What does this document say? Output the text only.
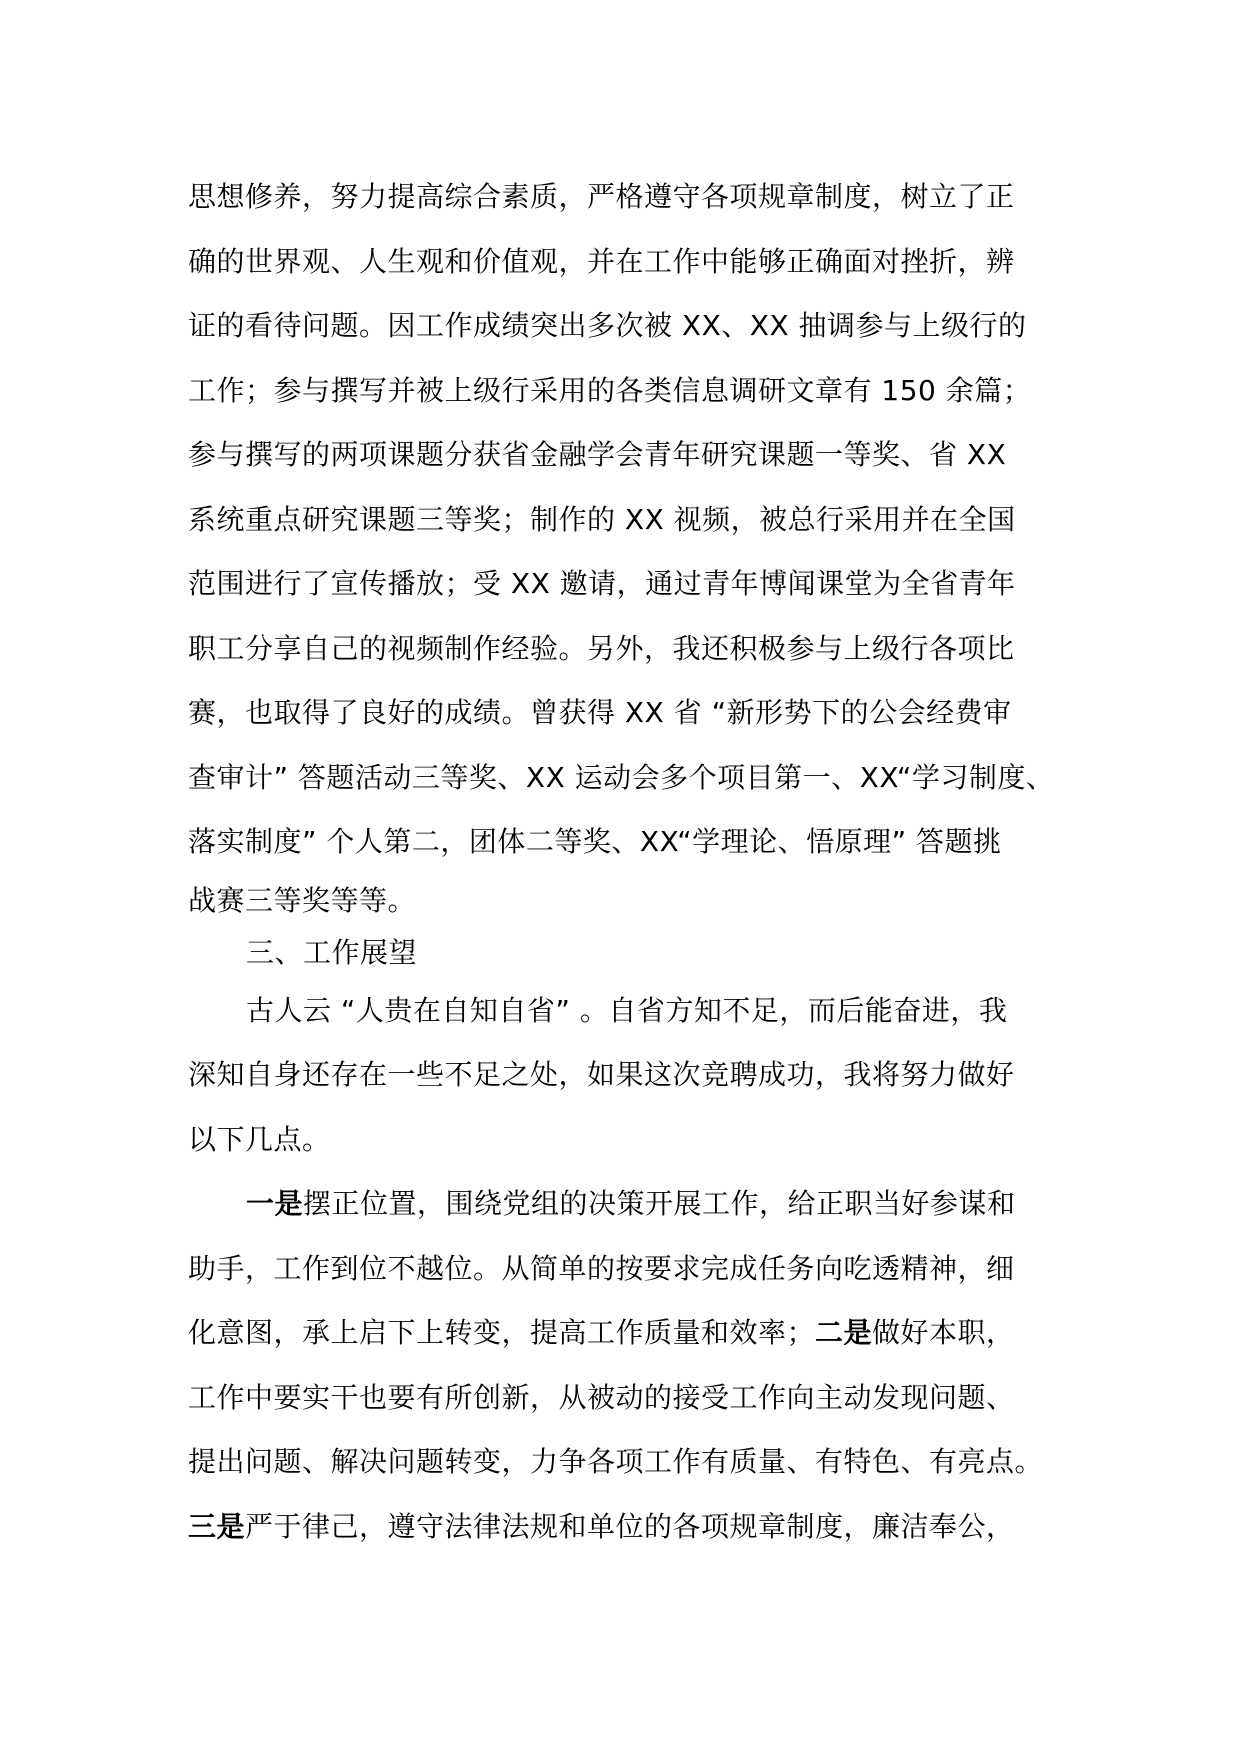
思想修养，努力提高综合素质，严格遵守各项规章制度，树立了正
确的世界观、人生观和价值观，并在工作中能够正确面对挫折，辨
证的看待问题。因工作成绩突出多次被 XX、XX 抽调参与上级行的
工作；参与撰写并被上级行采用的各类信息调研文章有 150 余篇；
参与撰写的两项课题分获省金融学会青年研究课题一等奖、省 XX
系统重点研究课题三等奖；制作的 XX 视频，被总行采用并在全国
范围进行了宣传播放；受 XX 邀请，通过青年博闻课堂为全省青年
职工分享自己的视频制作经验。另外，我还积极参与上级行各项比
赛，也取得了良好的成绩。曾获得 XX 省 “新形势下的公会经费审
查审计” 答题活动三等奖、XX 运动会多个项目第一、XX“学习制度、
落实制度” 个人第二，团体二等奖、XX“学理论、悟原理” 答题挑
战赛三等奖等等。
三、工作展望
古人云 “人贵在自知自省” 。自省方知不足，而后能奋进，我
深知自身还存在一些不足之处，如果这次竞聘成功，我将努力做好
以下几点。
一是摆正位置，围绕党组的决策开展工作，给正职当好参谋和
助手，工作到位不越位。从简单的按要求完成任务向吃透精神，细
化意图，承上启下上转变，提高工作质量和效率；二是做好本职，
工作中要实干也要有所创新，从被动的接受工作向主动发现问题、
提出问题、解决问题转变，力争各项工作有质量、有特色、有亮点。
三是严于律己，遵守法律法规和单位的各项规章制度，廉洁奉公，
